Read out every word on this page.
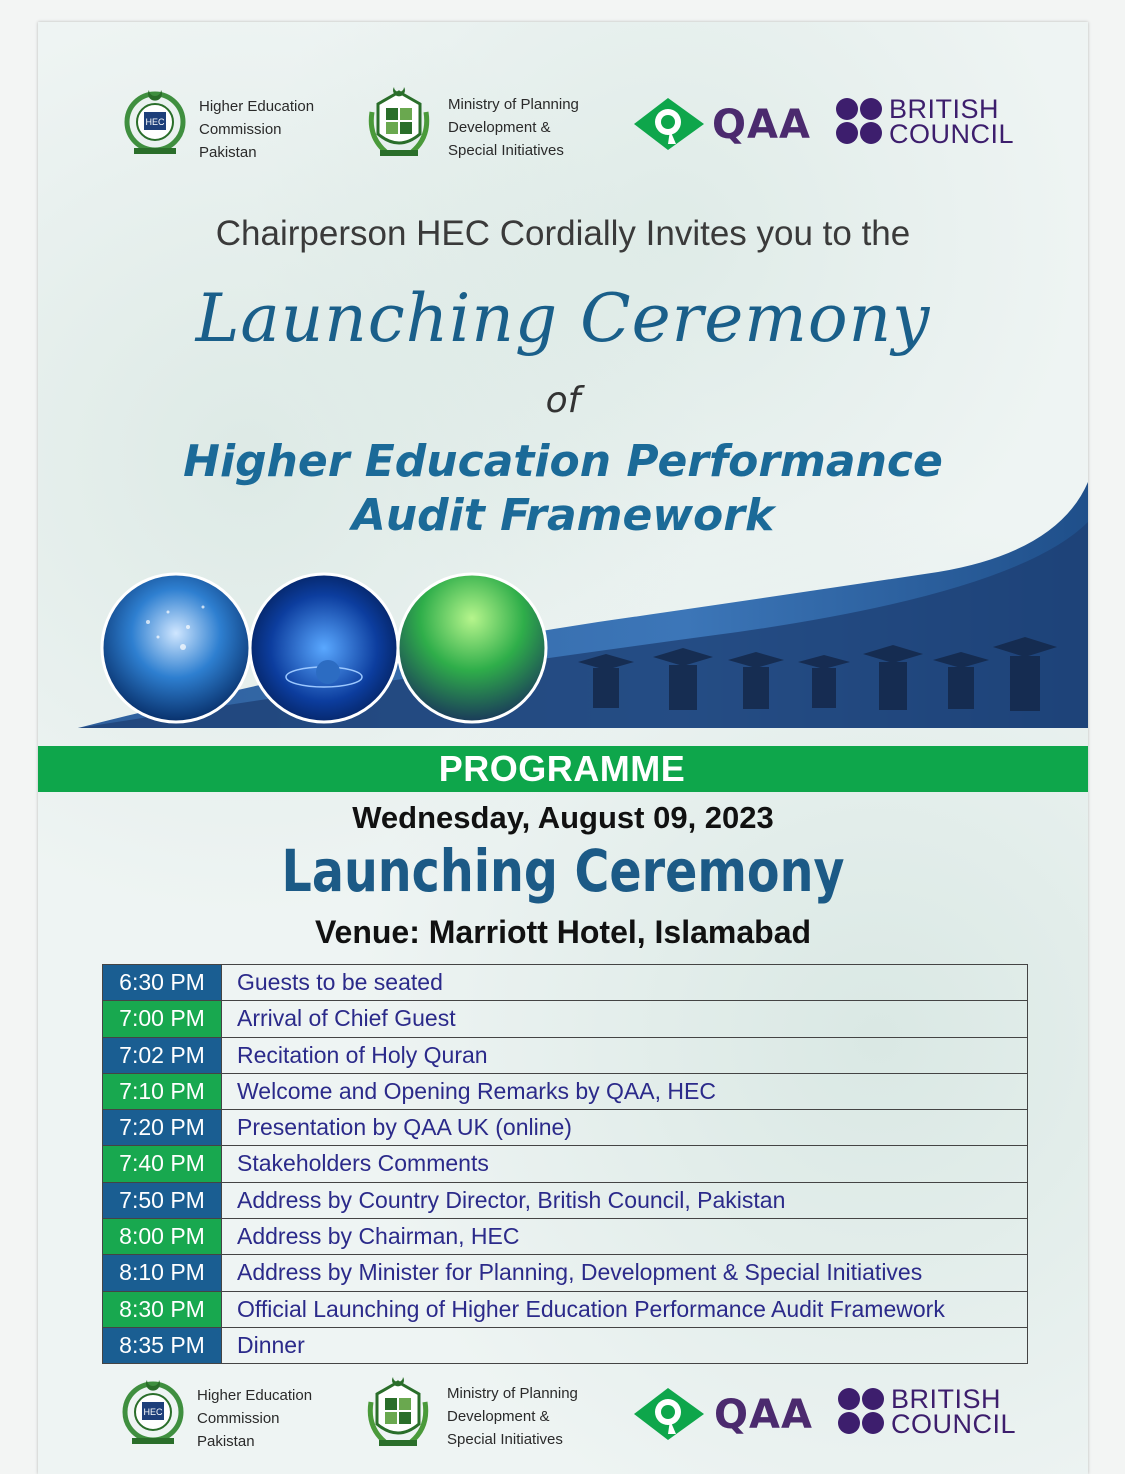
HEC
Higher Education
Commission
Pakistan
Ministry of Planning
Development &
Special Initiatives
QAA	BRITISH
COUNCIL
Chairperson HEC Cordially Invites you to the
Launching Ceremony
of
Higher Education Performance
Audit Framework
PROGRAMME
Wednesday, August 09, 2023
Launching Ceremony
Venue: Marriott Hotel, Islamabad
6:30 PM	Guests to be seated
7:00 PM	Arrival of Chief Guest
7:02 PM	Recitation of Holy Quran
7:10 PM	Welcome and Opening Remarks by QAA, HEC
7:20 PM	Presentation by QAA UK (online)
7:40 PM	Stakeholders Comments
7:50 PM	Address by Country Director, British Council, Pakistan
8:00 PM	Address by Chairman, HEC
8:10 PM	Address by Minister for Planning, Development & Special Initiatives
8:30 PM	Official Launching of Higher Education Performance Audit Framework
8:35 PM	Dinner
HEC
Higher Education
Commission
Pakistan
Ministry of Planning
Development &
Special Initiatives
QAA	BRITISH
COUNCIL
